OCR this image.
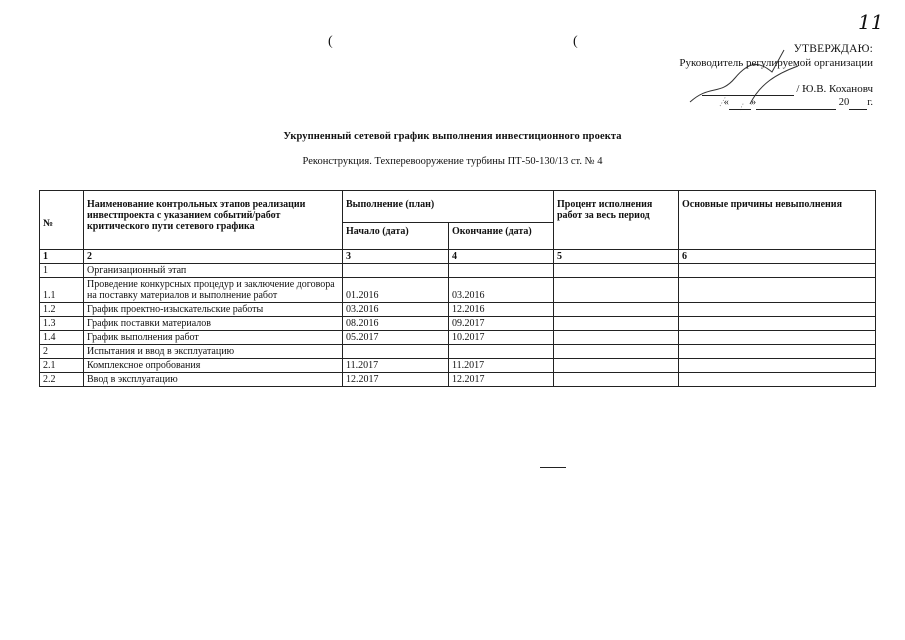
11
(	(	УТВЕРЖДАЮ:
Руководитель регулируемой организации
/ Ю.В. Кохановч
« »	20 г.
Укрупненный сетевой график выполнения инвестиционного проекта
Реконструкция. Техперевооружение турбины ПТ-50-130/13 ст. № 4
№	Наименование контрольных этапов реализации инвестпроекта с указанием событий/работ критического пути сетевого графика	Выполнение (план)		Процент исполнения работ за весь период	Основные причины невыполнения
		Начало (дата)	Окончание (дата)		
1	2	3	4	5	6
1	Организационный этап				
1.1	Проведение конкурсных процедур и заключение договора на поставку материалов и выполнение работ	01.2016	03.2016		
1.2	График проектно-изыскательские работы	03.2016	12.2016		
1.3	График поставки материалов	08.2016	09.2017		
1.4	График выполнения работ	05.2017	10.2017		
2	Испытания и ввод в эксплуатацию				
2.1	Комплексное опробования	11.2017	11.2017		
2.2	Ввод в эксплуатацию	12.2017	12.2017		
